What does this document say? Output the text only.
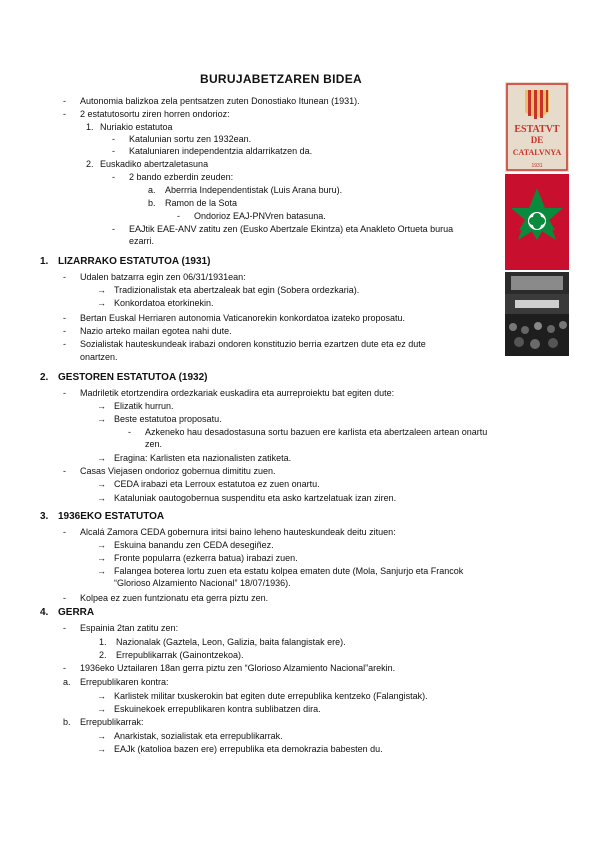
BURUJABETZAREN BIDEA
ESTATVT
DE
CATALVNYA
1931
- Autonomia balizkoa zela pentsatzen zuten Donostiako Itunean (1931).
- 2 estatutosortu ziren horren ondorioz:
1. Nuriakio estatutoa
- Katalunian sortu zen 1932ean.
- Kataluniaren independentzia aldarrikatzen da.
2. Euskadiko abertzaletasuna
- 2 bando ezberdin zeuden:
a. Aberrria Independentistak (Luis Arana buru).
b. Ramon de la Sota
- Ondorioz EAJ-PNVren batasuna.
- EAJtik EAE-ANV zatitu zen (Eusko Abertzale Ekintza) eta Anakleto Ortueta burua
ezarri.
1. LIZARRAKO ESTATUTOA (1931)
- Udalen batzarra egin zen 06/31/1931ean:
→ Tradizionalistak eta abertzaleak bat egin (Sobera ordezkaria).
→ Konkordatoa etorkinekin.
- Bertan Euskal Herriaren autonomia Vaticanorekin konkordatoa izateko proposatu.
- Nazio arteko mailan egotea nahi dute.
- Sozialistak hauteskundeak irabazi ondoren konstituzio berria ezartzen dute eta ez dute
onartzen.
2. GESTOREN ESTATUTOA (1932)
- Madriletik etortzendira ordezkariak euskadira eta aurreproiektu bat egiten dute:
→ Elizatik hurrun.
→ Beste estatutoa proposatu.
- Azkeneko hau desadostasuna sortu bazuen ere karlista eta abertzaleen artean onartu
zen.
→ Eragina: Karlisten eta nazionalisten zatiketa.
- Casas Viejasen ondorioz gobernua dimititu zuen.
→ CEDA irabazi eta Lerroux estatutoa ez zuen onartu.
→ Kataluniak oautogobernua suspenditu eta asko kartzelatuak izan ziren.
3. 1936EKO ESTATUTOA
- Alcalá Zamora CEDA gobernura iritsi baino leheno hauteskundeak deitu zituen:
→ Eskuina banandu zen CEDA desegiñez.
→ Fronte popularra (ezkerra batua) irabazi zuen.
→ Falangea boterea lortu zuen eta estatu kolpea ematen dute (Mola, Sanjurjo eta Francok
“Glorioso Alzamiento Nacional” 18/07/1936).
- Kolpea ez zuen funtzionatu eta gerra piztu zen.
4. GERRA
- Espainia 2tan zatitu zen:
1. Nazionalak (Gaztela, Leon, Galizia, baita falangistak ere).
2. Errepublikarrak (Gainontzekoa).
- 1936eko Uztailaren 18an gerra piztu zen “Glorioso Alzamiento Nacional”arekin.
a. Errepublikaren kontra:
→ Karlistek militar txuskerokin bat egiten dute errepublika kentzeko (Falangistak).
→ Eskuinekoek errepublikaren kontra sublibatzen dira.
b. Errepublikarrak:
→ Anarkistak, sozialistak eta errepublikarrak.
→ EAJk (katolioa bazen ere) errepublika eta demokrazia babesten du.
